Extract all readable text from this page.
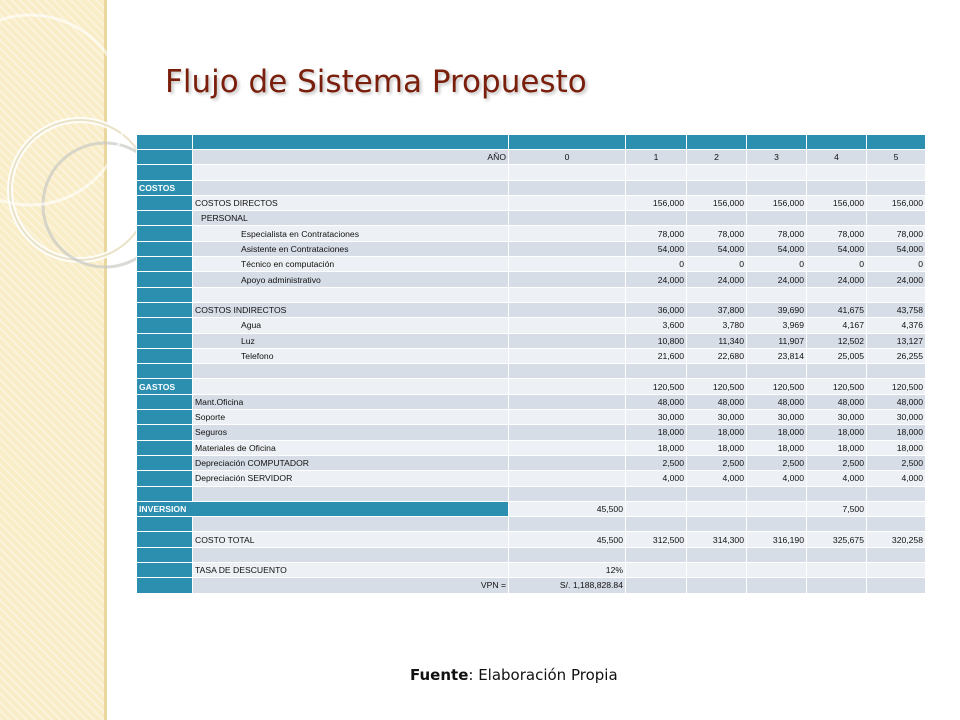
Flujo de Sistema Propuesto

	AÑO	0	1	2	3	4	5

COSTOS							
	COSTOS DIRECTOS		156,000	156,000	156,000	156,000	156,000
	PERSONAL						
	Especialista en Contrataciones		78,000	78,000	78,000	78,000	78,000
	Asistente en Contrataciones		54,000	54,000	54,000	54,000	54,000
	Técnico en computación		0	0	0	0	0
	Apoyo administrativo		24,000	24,000	24,000	24,000	24,000

	COSTOS INDIRECTOS		36,000	37,800	39,690	41,675	43,758
	Agua		3,600	3,780	3,969	4,167	4,376
	Luz		10,800	11,340	11,907	12,502	13,127
	Telefono		21,600	22,680	23,814	25,005	26,255

GASTOS			120,500	120,500	120,500	120,500	120,500
	Mant.Oficina		48,000	48,000	48,000	48,000	48,000
	Soporte		30,000	30,000	30,000	30,000	30,000
	Seguros		18,000	18,000	18,000	18,000	18,000
	Materiales de Oficina		18,000	18,000	18,000	18,000	18,000
	Depreciación COMPUTADOR		2,500	2,500	2,500	2,500	2,500
	Depreciación SERVIDOR		4,000	4,000	4,000	4,000	4,000

INVERSION		45,500				7,500	

	COSTO TOTAL	45,500	312,500	314,300	316,190	325,675	320,258

	TASA DE DESCUENTO	12%					
	VPN =	S/. 1,188,828.84					
Fuente: Elaboración Propia
